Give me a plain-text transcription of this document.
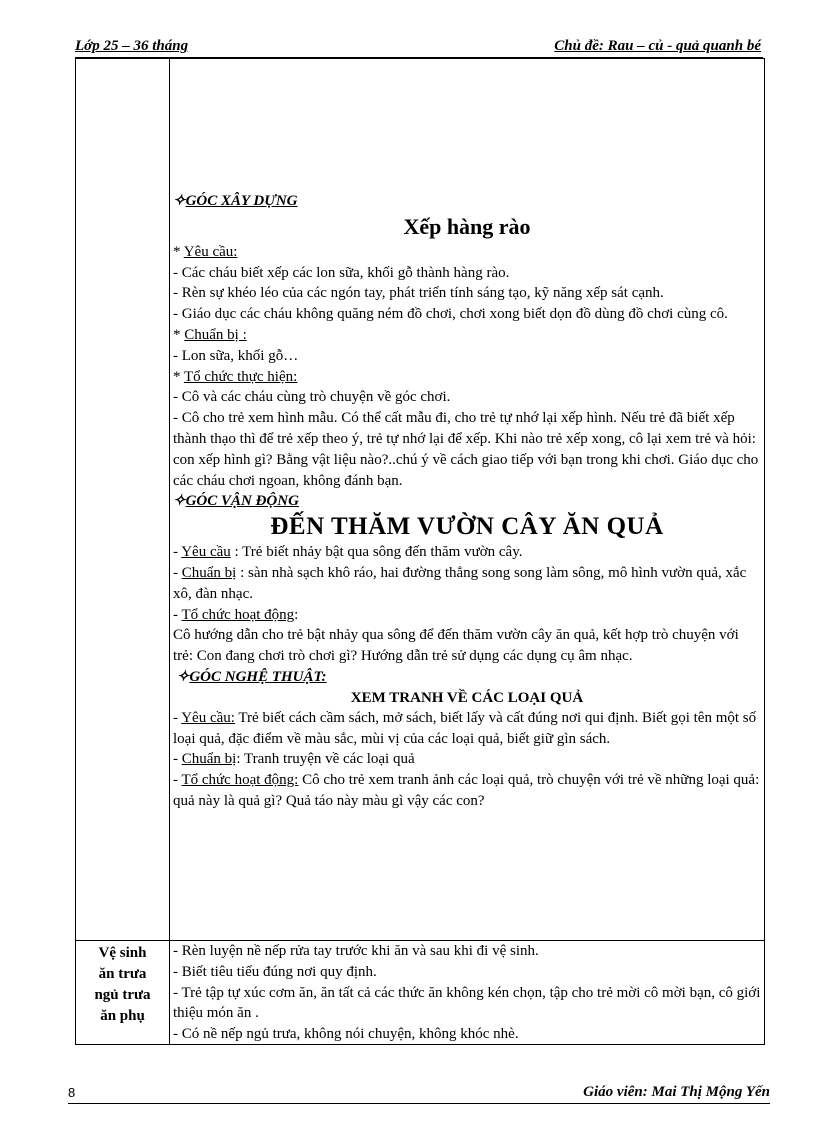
Lớp 25 – 36 tháng	Chủ đề: Rau – củ - quả quanh bé

✧GÓC XÂY DỰNG

Xếp hàng rào

* Yêu cầu:

- Các cháu biết xếp các lon sữa, khối gỗ thành hàng rào.

- Rèn sự khéo léo của các ngón tay, phát triển tính sáng tạo, kỹ năng xếp sát cạnh.

- Giáo dục các cháu không quăng ném đồ chơi, chơi xong biết dọn đồ dùng đồ chơi cùng cô.

* Chuẩn bị :

- Lon sữa, khối gỗ…

* Tổ chức thực hiện:

- Cô và các cháu cùng trò chuyện về góc chơi.

- Cô cho trẻ xem hình mẫu. Có thể cất mẫu đi, cho trẻ tự nhớ lại xếp hình. Nếu trẻ đã biết xếp thành thạo thì để trẻ xếp theo ý, trẻ tự nhớ lại để xếp. Khi nào trẻ xếp xong, cô lại xem trẻ và hỏi: con xếp hình gì? Bằng vật liệu nào?..chú ý về cách giao tiếp với bạn trong khi chơi. Giáo dục cho các cháu chơi ngoan, không đánh bạn.

✧GÓC VẬN ĐỘNG

ĐẾN THĂM VƯỜN CÂY ĂN QUẢ

- Yêu cầu : Trẻ biết nhảy bật qua sông đến thăm vườn cây.

- Chuẩn bị : sàn nhà sạch khô ráo, hai đường thẳng song song làm sông, mô hình vườn quả, xắc xô, đàn nhạc.

- Tổ chức hoạt động:

Cô hướng dẫn cho trẻ bật nhảy qua sông để đến thăm vườn cây ăn quả, kết hợp trò chuyện với trẻ: Con đang chơi trò chơi gì? Hướng dẫn trẻ sử dụng các dụng cụ âm nhạc.

✧GÓC NGHỆ THUẬT:

XEM TRANH VỀ CÁC LOẠI QUẢ

- Yêu cầu: Trẻ biết cách cầm sách, mở sách, biết lấy và cất đúng nơi qui định. Biết gọi tên một số loại quả, đặc điểm về màu sắc, mùi vị của các loại quả, biết giữ gìn sách.

- Chuẩn bị: Tranh truyện về các loại quả

- Tổ chức hoạt động: Cô cho trẻ xem tranh ảnh các loại quả, trò chuyện với trẻ về những loại quả: quả này là quả gì? Quả táo này màu gì vậy các con?

Vệ sinh

ăn trưa

ngủ trưa

ăn phụ

- Rèn luyện nề nếp rửa tay trước khi ăn và sau khi đi vệ sinh.

- Biết tiêu tiểu đúng nơi quy định.

- Trẻ tập tự xúc cơm ăn, ăn tất cả các thức ăn không kén chọn, tập cho trẻ mời cô mời bạn, cô giới thiệu món ăn .

- Có nề nếp ngủ trưa, không nói chuyện, không khóc nhè.

8	Giáo viên: Mai Thị Mộng Yến
